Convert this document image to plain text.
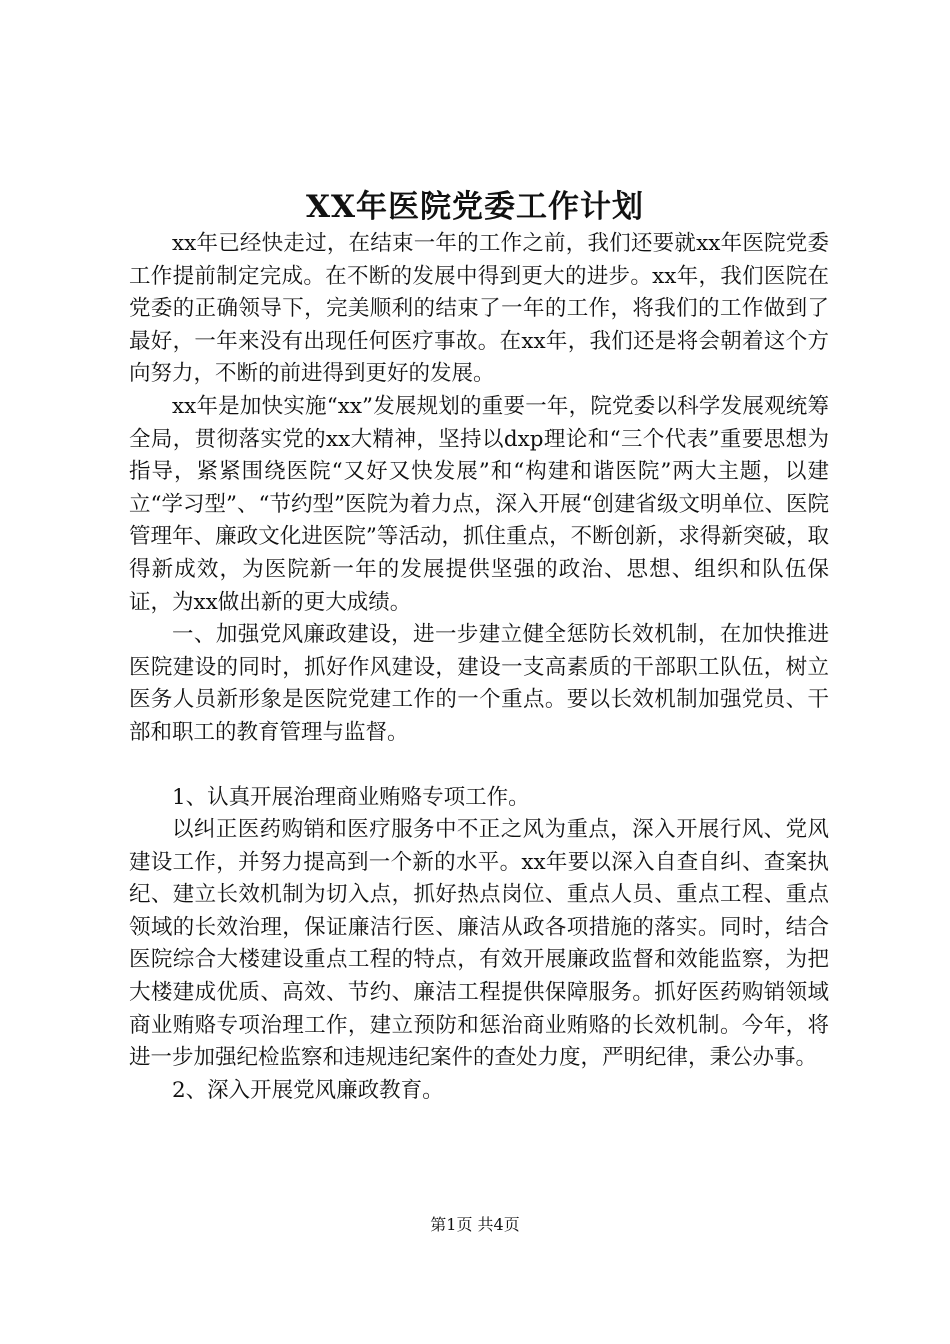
XX年医院党委工作计划

xx年已经快走过，在结束一年的工作之前，我们还要就xx年医院党委工作提前制定完成。在不断的发展中得到更大的进步。xx年，我们医院在党委的正确领导下，完美顺利的结束了一年的工作，将我们的工作做到了最好，一年来没有出现任何医疗事故。在xx年，我们还是将会朝着这个方向努力，不断的前进得到更好的发展。

xx年是加快实施“xx”发展规划的重要一年，院党委以科学发展观统筹全局，贯彻落实党的xx大精神，坚持以dxp理论和“三个代表”重要思想为指导，紧紧围绕医院“又好又快发展”和“构建和谐医院”两大主题，以建立“学习型”、“节约型”医院为着力点，深入开展“创建省级文明单位、医院管理年、廉政文化进医院”等活动，抓住重点，不断创新，求得新突破，取得新成效，为医院新一年的发展提供坚强的政治、思想、组织和队伍保证，为xx做出新的更大成绩。

一、加强党风廉政建设，进一步建立健全惩防长效机制，在加快推进医院建设的同时，抓好作风建设，建设一支高素质的干部职工队伍，树立医务人员新形象是医院党建工作的一个重点。要以长效机制加强党员、干部和职工的教育管理与监督。

1、认真开展治理商业贿赂专项工作。

以纠正医药购销和医疗服务中不正之风为重点，深入开展行风、党风建设工作，并努力提高到一个新的水平。xx年要以深入自查自纠、查案执纪、建立长效机制为切入点，抓好热点岗位、重点人员、重点工程、重点领域的长效治理，保证廉洁行医、廉洁从政各项措施的落实。同时，结合医院综合大楼建设重点工程的特点，有效开展廉政监督和效能监察，为把大楼建成优质、高效、节约、廉洁工程提供保障服务。抓好医药购销领域商业贿赂专项治理工作，建立预防和惩治商业贿赂的长效机制。今年，将进一步加强纪检监察和违规违纪案件的查处力度，严明纪律，秉公办事。

2、深入开展党风廉政教育。

第1页 共4页
